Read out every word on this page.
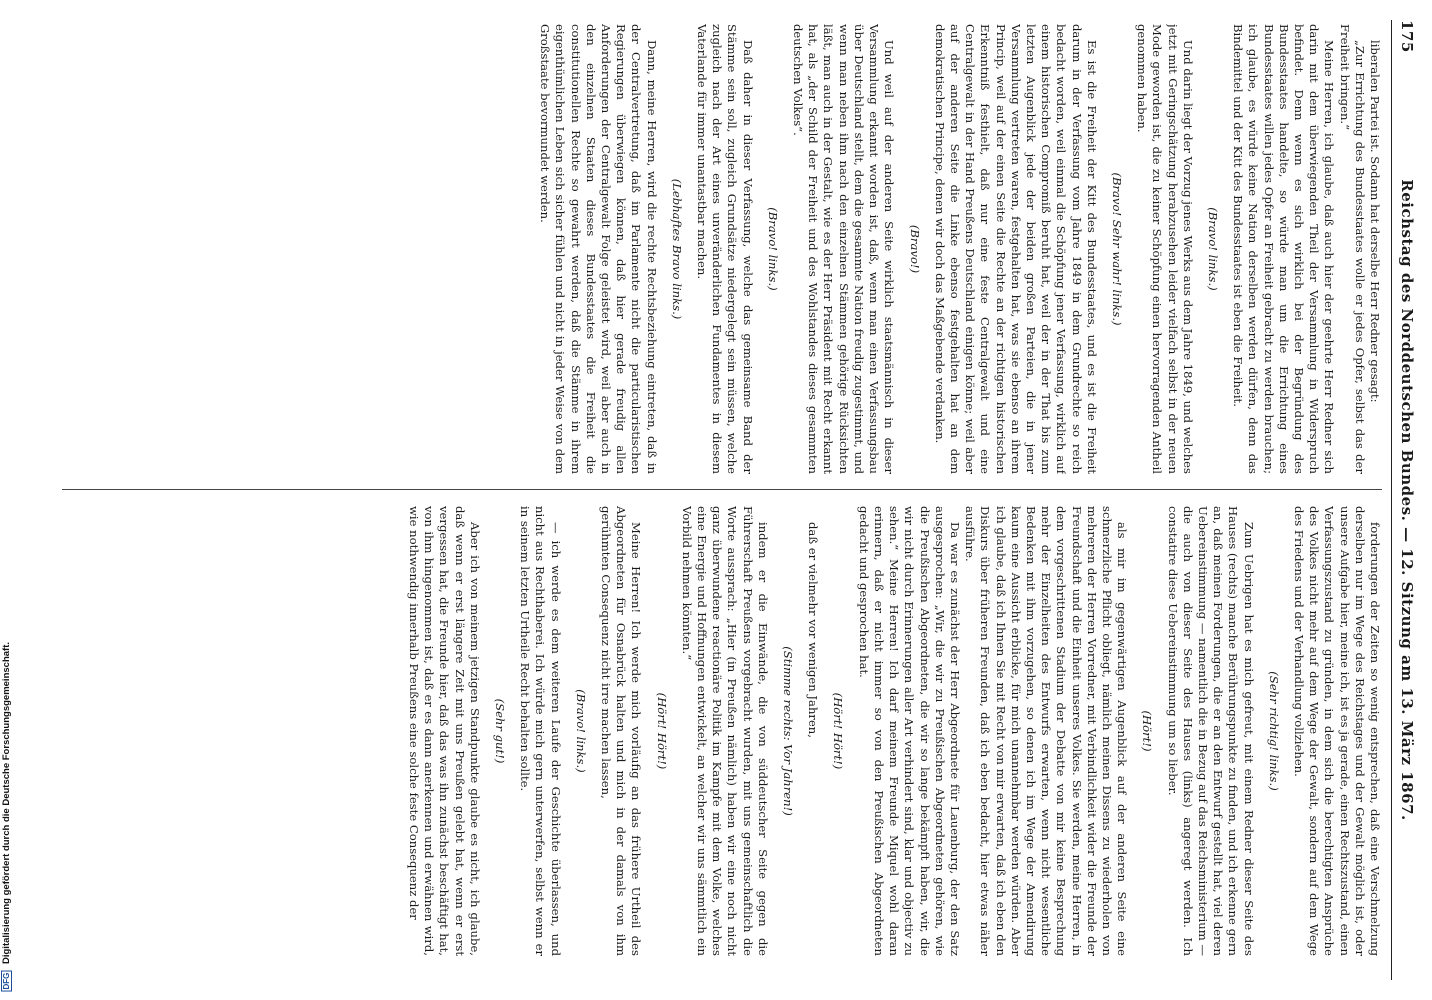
175
Reichstag des Norddeutschen Bundes. — 12. Sitzung am 13. März 1867.

liberalen Partei ist. Sodann hat derselbe Herr Redner gesagt:

„Zur Errichtung des Bundesstaates wolle er jedes Opfer, selbst das der Freiheit bringen.“

Meine Herren, ich glaube, daß auch hier der geehrte Herr Redner sich darin mit dem überwiegenden Theil der Versammlung in Widerspruch befindet. Denn wenn es sich wirklich bei der Begründung des Bundesstaates handelte, so würde man um die Errichtung eines Bundesstaates willen jedes Opfer an Freiheit gebracht zu werden brauchen; ich glaube, es würde keine Nation derselben werden dürfen, denn das Bindemittel und der Kitt des Bundesstaates ist eben die Freiheit.

(Bravo! links.)

Und darin liegt der Vorzug jenes Werks aus dem Jahre 1849, und welches jetzt mit Geringschätzung herabzusehen leider vielfach selbst in der neuen Mode geworden ist, die zu keiner Schöpfung einen hervorragenden Antheil genommen haben.

(Bravo! Sehr wahr! links.)

Es ist die Freiheit der Kitt des Bundesstaates, und es ist die Freiheit darum in der Verfassung vom Jahre 1849 in dem Grundrechte so reich bedacht worden, weil einmal die Schöpfung jener Verfassung, wirklich auf einem historischen Compromiß beruht hat, weil der in der That bis zum letzten Augenblick jede der beiden großen Parteien, die in jener Versammlung vertreten waren, festgehalten hat, was sie ebenso an ihrem Princip, weil auf der einen Seite die Rechte an der richtigen historischen Erkenntniß festhielt, daß nur eine feste Centralgewalt und eine Centralgewalt in der Hand Preußens Deutschland einigen könne; weil aber auf der anderen Seite die Linke ebenso festgehalten hat an dem demokratischen Principe, denen wir doch das Maßgebende verdanken.

(Bravo!)

Und weil auf der anderen Seite wirklich staatsmännisch in dieser Versammlung erkannt worden ist, daß, wenn man einen Verfassungsbau über Deutschland stellt, dem die gesammte Nation freudig zugestimmt, und wenn man neben ihm nach den einzelnen Stämmen gehörige Rücksichten läßt, man auch in der Gestalt, wie es der Herr Präsident mit Recht erkannt hat, als „der Schild der Freiheit und des Wohlstandes dieses gesammten deutschen Volkes“.

(Bravo! links.)

Daß daher in dieser Verfassung, welche das gemeinsame Band der Stämme sein soll, zugleich Grundsätze niedergelegt sein müssen, welche zugleich nach der Art eines unveränderlichen Fundamentes in diesem Vaterlande für immer unantastbar machen.

(Lebhaftes Bravo links.)

Dann, meine Herren, wird die rechte Rechtsbeziehung eintreten, daß in der Centralvertretung, daß im Parlamente nicht die particularistischen Regierungen überwiegen können, daß hier gerade freudig allen Anforderungen der Centralgewalt Folge geleistet wird, weil aber auch in den einzelnen Staaten dieses Bundesstaates die Freiheit die constitutionellen Rechte so gewahrt werden, daß die Stämme in ihrem eigenthümlichen Leben sich sicher fühlen und nicht in jeder Weise von dem Großstaate bevormundet werden.

forderungen der Zeiten so wenig entsprechen, daß eine Verschmelzung derselben nur im Wege des Reichstages und der Gewalt möglich ist, oder unsere Aufgabe hier, meine ich, ist es ja gerade, einen Rechtszustand, einen Verfassungszustand zu gründen, in dem sich die berechtigten Ansprüche des Volkes nicht mehr auf dem Wege der Gewalt, sondern auf dem Wege des Friedens und der Verhandlung vollziehen.

(Sehr richtig! links.)

Zum Uebrigen hat es mich gefreut, mit einem Redner dieser Seite des Hauses (rechts) manche Berührungspunkte zu finden, und ich erkenne gern an, daß meinen Forderungen, die er an den Entwurf gestellt hat, viel deren Uebereinstimmung — namentlich die in Bezug auf das Reichsministerium — die auch von dieser Seite des Hauses (links) angeregt werden. Ich constatire diese Uebereinstimmung um so lieber.

(Hört!)

als mir im gegenwärtigen Augenblick auf der anderen Seite eine schmerzliche Pflicht obliegt, nämlich meinen Dissens zu wiederholen von mehreren der Herren Vorredner, mit Verbindlichkeit wider die Freunde der Freundschaft und die Einheit unseres Volkes. Sie werden, meine Herren, in dem vorgeschrittenen Stadium der Debatte von mir keine Besprechung mehr der Einzelheiten des Entwurfs erwarten, wenn nicht wesentliche Bedenken mit ihm vorzugehen, so denen ich im Wege der Amendirung kaum eine Aussicht erblicke, für mich unannehmbar werden würden. Aber ich glaube, daß ich Ihnen Sie mit Recht von mir erwarten, daß ich eben den Diskurs über früheren Freunden, daß ich eben bedacht, hier etwas näher ausführe.

Da war es zunächst der Herr Abgeordnete für Lauenburg, der den Satz ausgesprochen: „Wir, die wir zu Preußischen Abgeordneten gehören, wie die Preußischen Abgeordneten, die wir so lange bekämpft haben, wir, die wir nicht durch Erinnerungen aller Art verhindert sind, klar und objectiv zu sehen.“ Meine Herren! Ich darf meinem Freunde Miquel wohl daran erinnern, daß er nicht immer so von den Preußischen Abgeordneten gedacht und gesprochen hat.

(Hört! Hört!)

daß er vielmehr vor wenigen Jahren,

(Stimme rechts: Vor Jahren!)

indem er die Einwände, die von süddeutscher Seite gegen die Führerschaft Preußens vorgebracht wurden, mit uns gemeinschaftlich die Worte aussprach: „Hier (in Preußen nämlich) haben wir eine noch nicht ganz überwundene reactionäre Politik im Kampfe mit dem Volke, welches eine Energie und Hoffnungen entwickelt, an welcher wir uns sämmtlich ein Vorbild nehmen könnten.“

(Hört! Hört!)

Meine Herren! Ich werde mich vorläufig an das frühere Urtheil des Abgeordneten für Osnabrück halten und mich in der damals von ihm gerühmten Consequenz nicht irre machen lassen,

(Bravo! links.)

— ich werde es dem weiteren Laufe der Geschichte überlassen, und nicht aus Rechthaberei. Ich würde mich gern unterwerfen, selbst wenn er in seinem letzten Urtheile Recht behalten sollte.

(Sehr gut!)

Aber ich von meinem jetzigen Standpunkte glaube es nicht, ich glaube, daß wenn er erst längere Zeit mit uns Preußen gelebt hat, wenn er erst vergessen hat, die Freunde hier, daß das was ihn zunächst beschäftigt hat, von ihm hingenommen ist, daß er es dann anerkennen und erwähnen wird, wie nothwendig innerhalb Preußens eine solche feste Consequenz der

DFG Digitalisierung gefördert durch die Deutsche Forschungsgemeinschaft.
